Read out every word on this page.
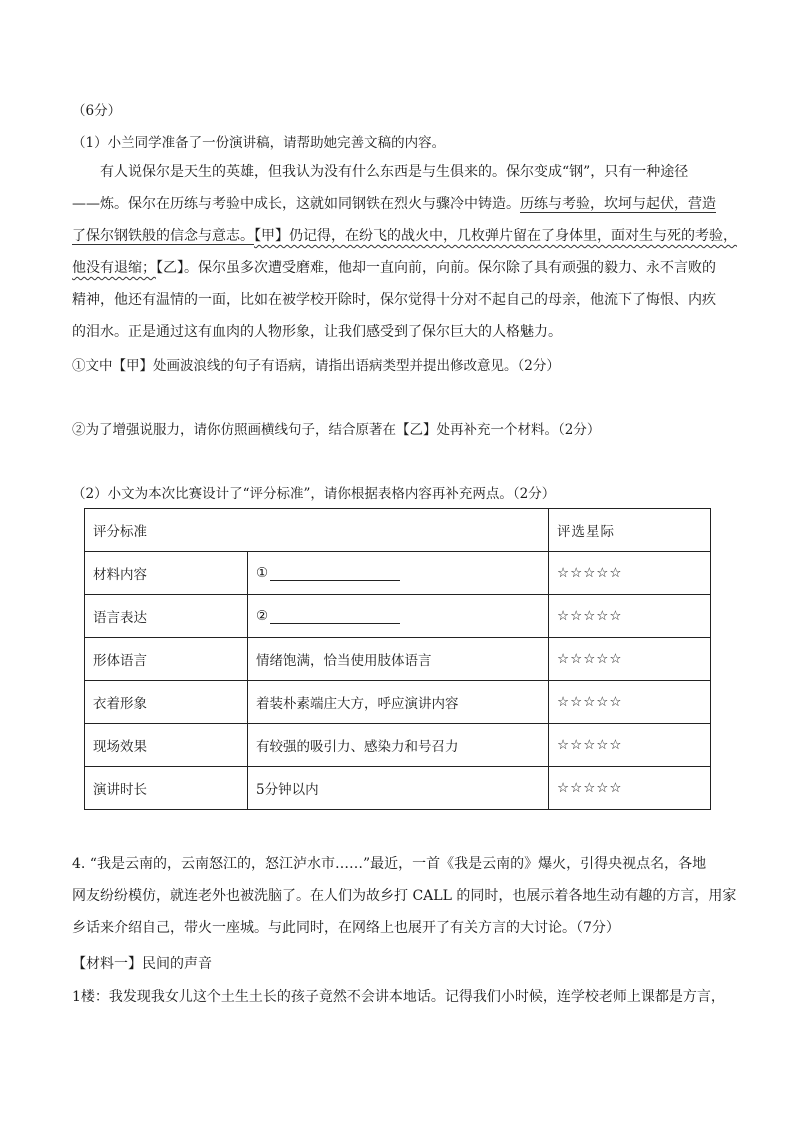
（6分）
（1）小兰同学准备了一份演讲稿，请帮助她完善文稿的内容。

有人说保尔是天生的英雄，但我认为没有什么东西是与生俱来的。保尔变成“钢”，只有一种途径

——炼。保尔在历练与考验中成长，这就如同钢铁在烈火与骤冷中铸造。历练与考验，坎坷与起伏，营造

了保尔钢铁般的信念与意志。【甲】仍记得，在纷飞的战火中，几枚弹片留在了身体里，面对生与死的考验，

他没有退缩；【乙】。保尔虽多次遭受磨难，他却一直向前，向前。保尔除了具有顽强的毅力、永不言败的

精神，他还有温情的一面，比如在被学校开除时，保尔觉得十分对不起自己的母亲，他流下了悔恨、内疚

的泪水。正是通过这有血肉的人物形象，让我们感受到了保尔巨大的人格魅力。

①文中【甲】处画波浪线的句子有语病，请指出语病类型并提出修改意见。（2分）
②为了增强说服力，请你仿照画横线句子，结合原著在【乙】处再补充一个材料。（2分）
（2）小文为本次比赛设计了“评分标准”，请你根据表格内容再补充两点。（2分）
评分标准		评选星际
材料内容	①	☆☆☆☆☆
语言表达	②	☆☆☆☆☆
形体语言	情绪饱满，恰当使用肢体语言	☆☆☆☆☆
衣着形象	着装朴素端庄大方，呼应演讲内容	☆☆☆☆☆
现场效果	有较强的吸引力、感染力和号召力	☆☆☆☆☆
演讲时长	5分钟以内	☆☆☆☆☆

4. “我是云南的，云南怒江的，怒江泸水市……”最近，一首《我是云南的》爆火，引得央视点名，各地

网友纷纷模仿，就连老外也被洗脑了。在人们为故乡打 CALL 的同时，也展示着各地生动有趣的方言，用家

乡话来介绍自己，带火一座城。与此同时，在网络上也展开了有关方言的大讨论。（7分）

【材料一】民间的声音
1楼：我发现我女儿这个土生土长的孩子竟然不会讲本地话。记得我们小时候，连学校老师上课都是方言，
